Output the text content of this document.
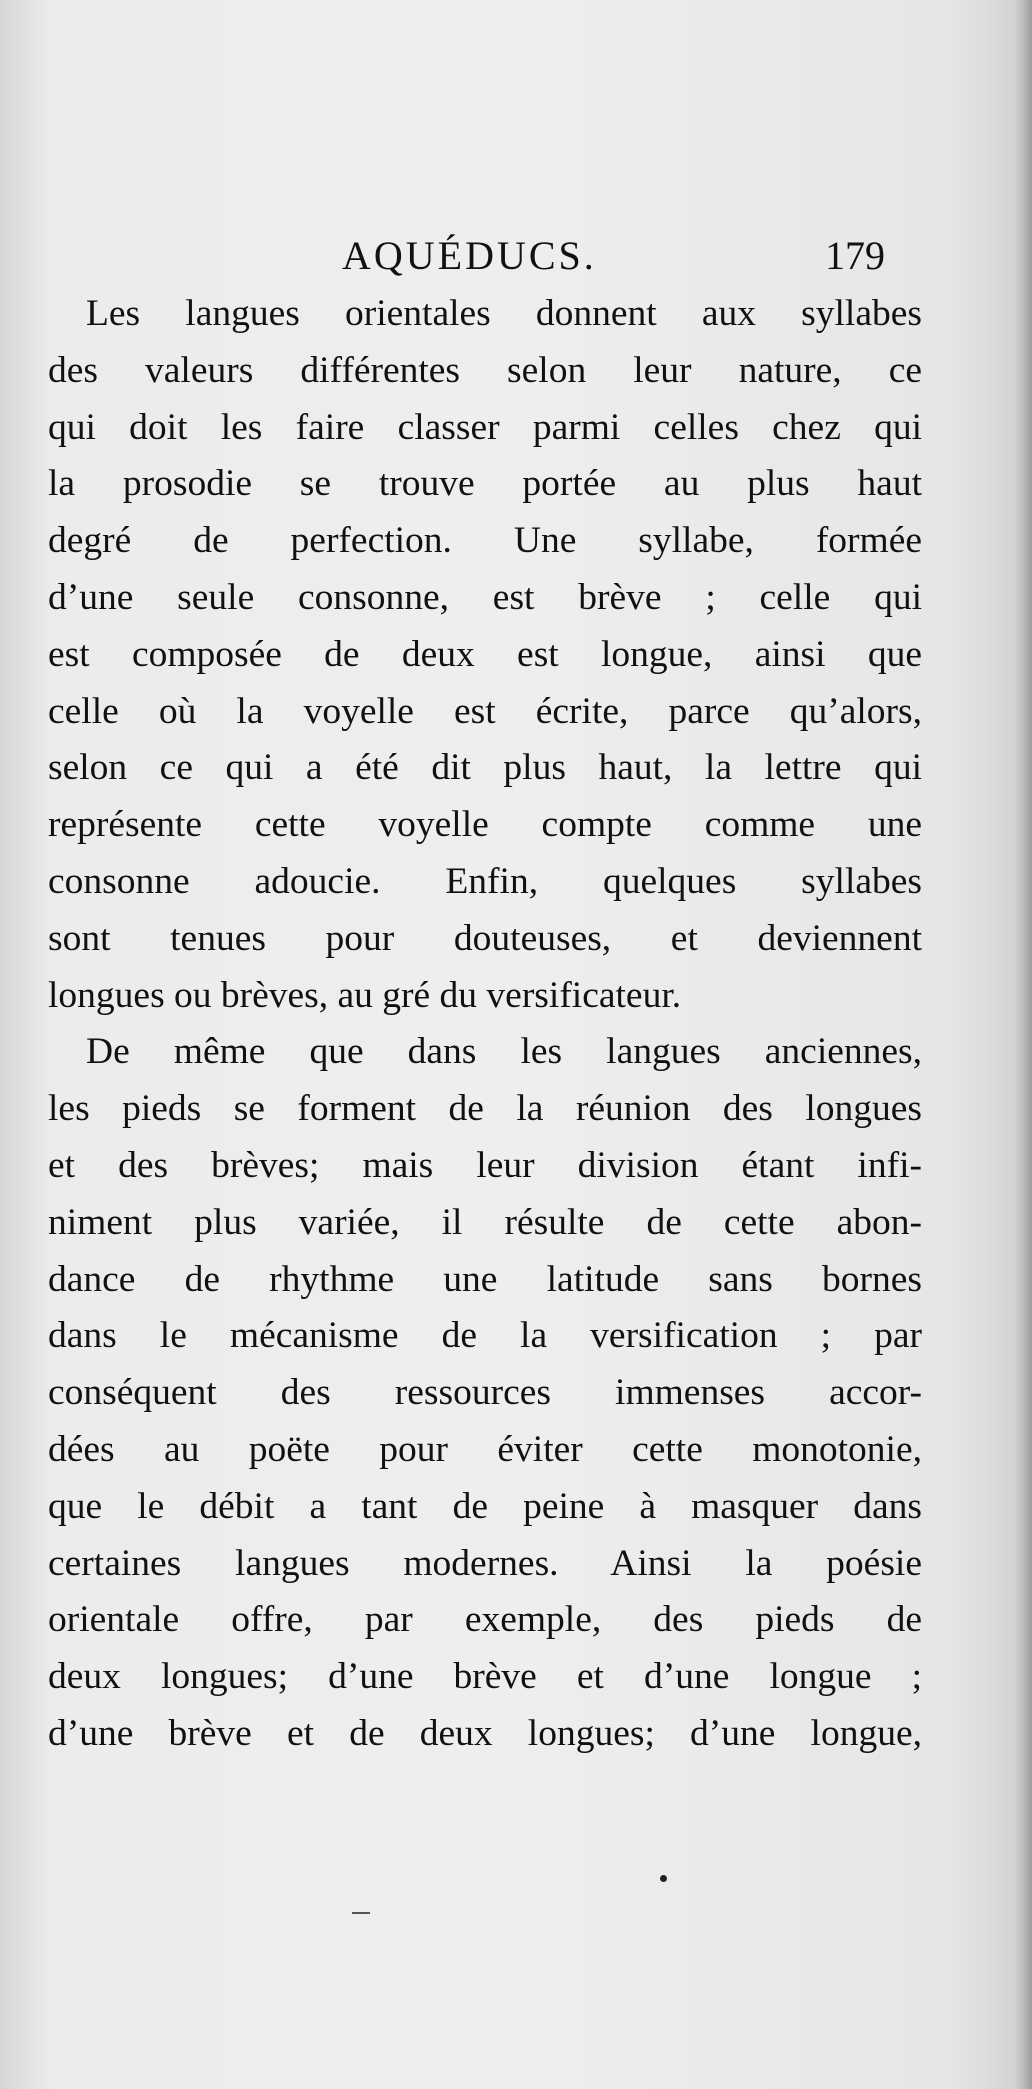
AQUÉDUCS.	179
Les langues orientales donnent aux syllabes
des valeurs différentes selon leur nature, ce
qui doit les faire classer parmi celles chez qui
la prosodie se trouve portée au plus haut
degré de perfection. Une syllabe, formée
d’une seule consonne, est brève ; celle qui
est composée de deux est longue, ainsi que
celle où la voyelle est écrite, parce qu’alors,
selon ce qui a été dit plus haut, la lettre qui
représente cette voyelle compte comme une
consonne adoucie. Enfin, quelques syllabes
sont tenues pour douteuses, et deviennent
longues ou brèves, au gré du versificateur.
De même que dans les langues anciennes,
les pieds se forment de la réunion des longues
et des brèves; mais leur division étant infi-
niment plus variée, il résulte de cette abon-
dance de rhythme une latitude sans bornes
dans le mécanisme de la versification ; par
conséquent des ressources immenses accor-
dées au poëte pour éviter cette monotonie,
que le débit a tant de peine à masquer dans
certaines langues modernes. Ainsi la poésie
orientale offre, par exemple, des pieds de
deux longues; d’une brève et d’une longue ;
d’une brève et de deux longues; d’une longue,
